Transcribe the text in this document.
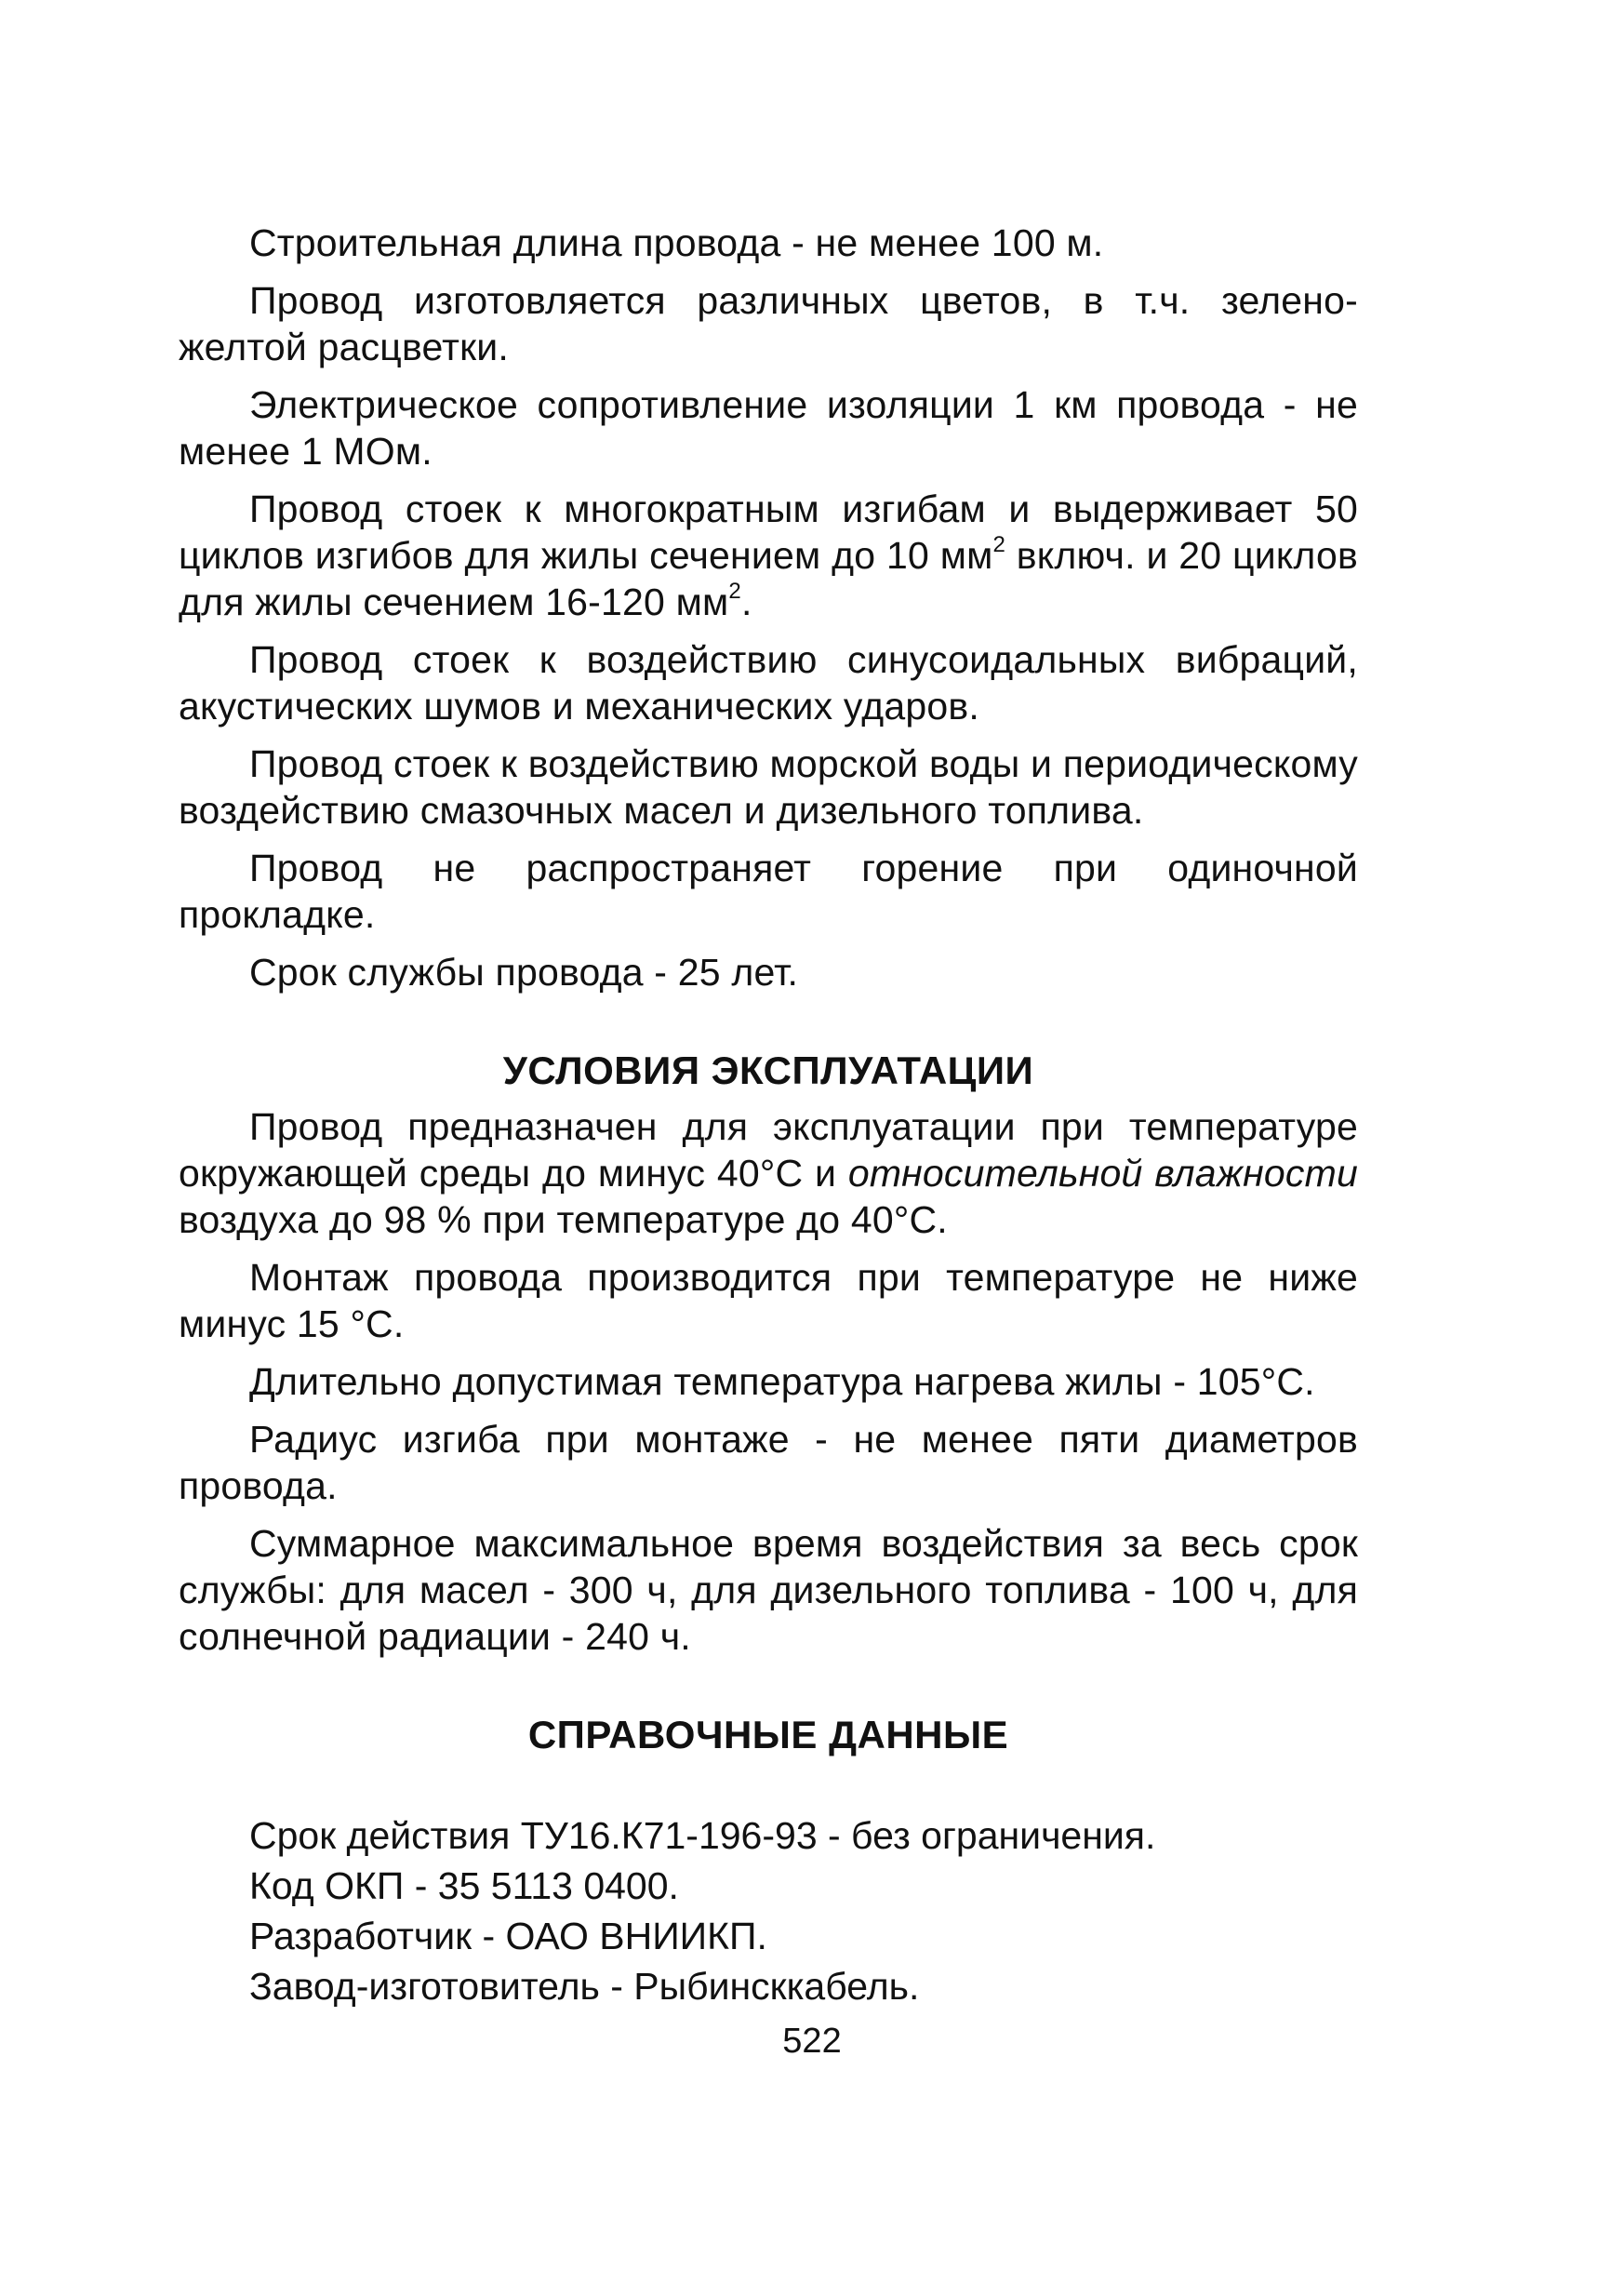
Строительная длина провода - не менее 100 м.

Провод изготовляется различных цветов, в т.ч. зелено-желтой расцветки.

Электрическое сопротивление изоляции 1 км провода - не менее 1 МОм.

Провод стоек к многократным изгибам и выдерживает 50 циклов изгибов для жилы сечением до 10 $мм^2$ включ. и 20 циклов для жилы сечением 16-120 $мм^2$.

Провод стоек к воздействию синусоидальных вибраций, акустических шумов и механических ударов.

Провод стоек к воздействию морской воды и периодическому воздействию смазочных масел и дизельного топлива.

Провод не распространяет горение при одиночной прокладке.

Срок службы провода - 25 лет.

УСЛОВИЯ ЭКСПЛУАТАЦИИ

Провод предназначен для эксплуатации при температуре окружающей среды до минус 40°С и относительной влажности воздуха до 98 % при температуре до 40°С.

Монтаж провода производится при температуре не ниже минус 15 °С.

Длительно допустимая температура нагрева жилы - 105°С.

Радиус изгиба при монтаже - не менее пяти диаметров провода.

Суммарное максимальное время воздействия за весь срок службы: для масел - 300 ч, для дизельного топлива - 100 ч, для солнечной радиации - 240 ч.

СПРАВОЧНЫЕ ДАННЫЕ

Срок действия ТУ16.К71-196-93 - без ограничения.

Код ОКП - 35 5113 0400.

Разработчик - ОАО ВНИИКП.

Завод-изготовитель - Рыбинсккабель.

522
